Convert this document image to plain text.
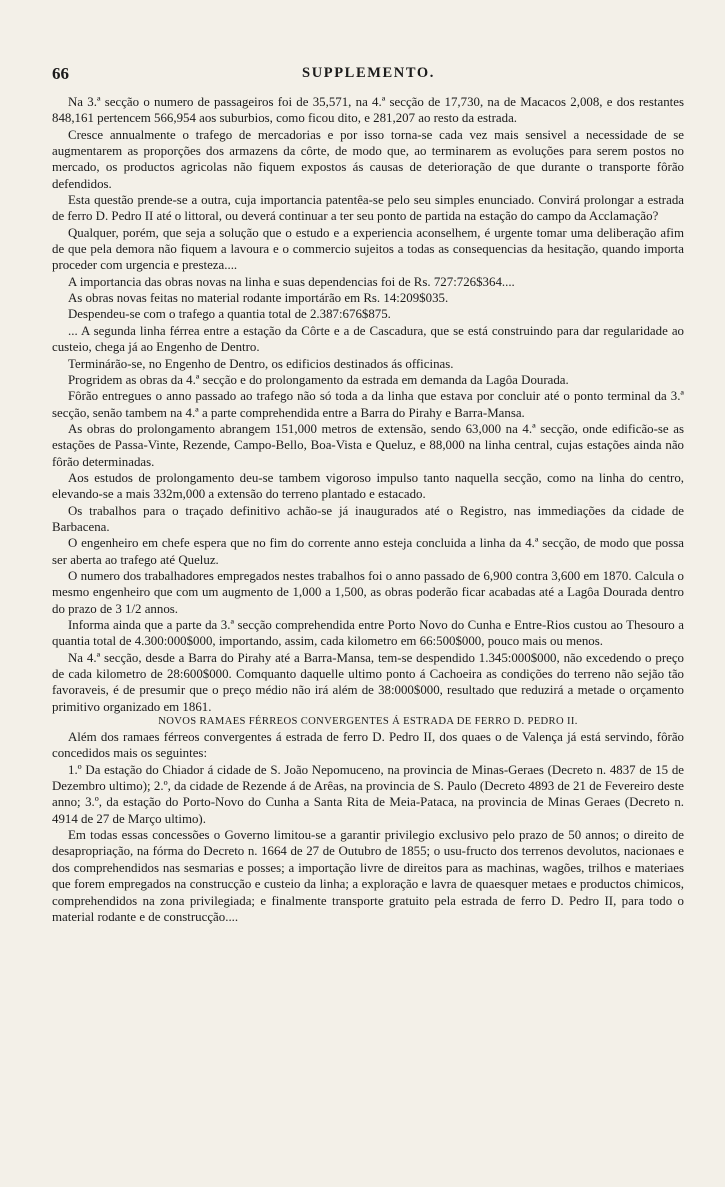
66	SUPPLEMENTO.

Na 3.ª secção o numero de passageiros foi de 35,571, na 4.ª secção de 17,730, na de Macacos 2,008, e dos restantes 848,161 pertencem 566,954 aos suburbios, como ficou dito, e 281,207 ao resto da estrada.

Cresce annualmente o trafego de mercadorias e por isso torna-se cada vez mais sensivel a necessidade de se augmentarem as proporções dos armazens da côrte, de modo que, ao terminarem as evoluções para serem postos no mercado, os productos agricolas não fiquem expostos ás causas de deterioração de que durante o transporte fôrão defendidos.

Esta questão prende-se a outra, cuja importancia patentêa-se pelo seu simples enunciado. Convirá prolongar a estrada de ferro D. Pedro II até o littoral, ou deverá continuar a ter seu ponto de partida na estação do campo da Acclamação?

Qualquer, porém, que seja a solução que o estudo e a experiencia aconselhem, é urgente tomar uma deliberação afim de que pela demora não fiquem a lavoura e o commercio sujeitos a todas as consequencias da hesitação, quando importa proceder com urgencia e presteza....

A importancia das obras novas na linha e suas dependencias foi de Rs. 727:726$364....

As obras novas feitas no material rodante importárão em Rs. 14:209$035.

Despendeu-se com o trafego a quantia total de 2.387:676$875.

... A segunda linha férrea entre a estação da Côrte e a de Cascadura, que se está construindo para dar regularidade ao custeio, chega já ao Engenho de Dentro.

Terminárão-se, no Engenho de Dentro, os edificios destinados ás officinas.

Progridem as obras da 4.ª secção e do prolongamento da estrada em demanda da Lagôa Dourada.

Fôrão entregues o anno passado ao trafego não só toda a da linha que estava por concluir até o ponto terminal da 3.ª secção, senão tambem na 4.ª a parte comprehendida entre a Barra do Pirahy e Barra-Mansa.

As obras do prolongamento abrangem 151,000 metros de extensão, sendo 63,000 na 4.ª secção, onde edificão-se as estações de Passa-Vinte, Rezende, Campo-Bello, Boa-Vista e Queluz, e 88,000 na linha central, cujas estações ainda não fôrão determinadas.

Aos estudos de prolongamento deu-se tambem vigoroso impulso tanto naquella secção, como na linha do centro, elevando-se a mais 332m,000 a extensão do terreno plantado e estacado.

Os trabalhos para o traçado definitivo achão-se já inaugurados até o Registro, nas immediações da cidade de Barbacena.

O engenheiro em chefe espera que no fim do corrente anno esteja concluida a linha da 4.ª secção, de modo que possa ser aberta ao trafego até Queluz.

O numero dos trabalhadores empregados nestes trabalhos foi o anno passado de 6,900 contra 3,600 em 1870. Calcula o mesmo engenheiro que com um augmento de 1,000 a 1,500, as obras poderão ficar acabadas até a Lagôa Dourada dentro do prazo de 3 1/2 annos.

Informa ainda que a parte da 3.ª secção comprehendida entre Porto Novo do Cunha e Entre-Rios custou ao Thesouro a quantia total de 4.300:000$000, importando, assim, cada kilometro em 66:500$000, pouco mais ou menos.

Na 4.ª secção, desde a Barra do Pirahy até a Barra-Mansa, tem-se despendido 1.345:000$000, não excedendo o preço de cada kilometro de 28:600$000. Comquanto daquelle ultimo ponto á Cachoeira as condições do terreno não sejão tão favoraveis, é de presumir que o preço médio não irá além de 38:000$000, resultado que reduzirá a metade o orçamento primitivo organizado em 1861.

NOVOS RAMAES FÉRREOS CONVERGENTES Á ESTRADA DE FERRO D. PEDRO II.

Além dos ramaes férreos convergentes á estrada de ferro D. Pedro II, dos quaes o de Valença já está servindo, fôrão concedidos mais os seguintes:

1.º Da estação do Chiador á cidade de S. João Nepomuceno, na provincia de Minas-Geraes (Decreto n. 4837 de 15 de Dezembro ultimo); 2.º, da cidade de Rezende á de Arêas, na provincia de S. Paulo (Decreto 4893 de 21 de Fevereiro deste anno; 3.º, da estação do Porto-Novo do Cunha a Santa Rita de Meia-Pataca, na provincia de Minas Geraes (Decreto n. 4914 de 27 de Março ultimo).

Em todas essas concessões o Governo limitou-se a garantir privilegio exclusivo pelo prazo de 50 annos; o direito de desapropriação, na fórma do Decreto n. 1664 de 27 de Outubro de 1855; o usu-fructo dos terrenos devolutos, nacionaes e dos comprehendidos nas sesmarias e posses; a importação livre de direitos para as machinas, wagões, trilhos e materiaes que forem empregados na construcção e custeio da linha; a exploração e lavra de quaesquer metaes e productos chimicos, comprehendidos na zona privilegiada; e finalmente transporte gratuito pela estrada de ferro D. Pedro II, para todo o material rodante e de construcção....
